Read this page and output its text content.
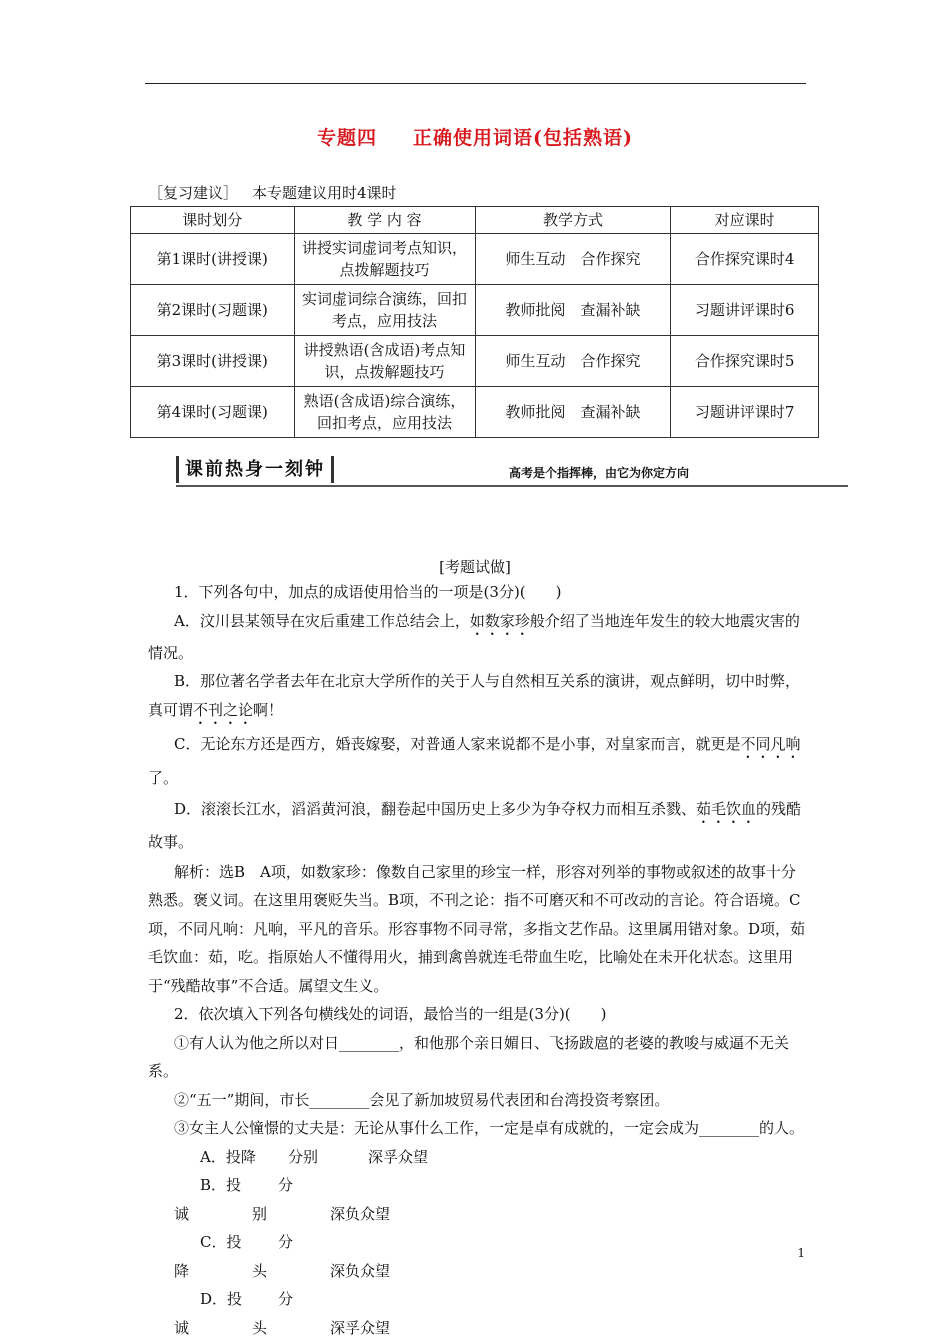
专题四　 正确使用词语(包括熟语)
［复习建议］ 本专题建议用时4课时
课时划分	教 学 内 容	教学方式	对应课时
第1课时(讲授课)	讲授实词虚词考点知识，点拨解题技巧	师生互动　合作探究	合作探究课时4
第2课时(习题课)	实词虚词综合演练，回扣考点，应用技法	教师批阅　查漏补缺	习题讲评课时6
第3课时(讲授课)	讲授熟语(含成语)考点知识，点拨解题技巧	师生互动　合作探究	合作探究课时5
第4课时(习题课)	熟语(含成语)综合演练，回扣考点，应用技法	教师批阅　查漏补缺	习题讲评课时7
课前热身一刻钟	高考是个指挥棒，由它为你定方向
[考题试做]

1．下列各句中，加点的成语使用恰当的一项是(3分)(　　)

A．汶川县某领导在灾后重建工作总结会上，如数家珍般介绍了当地连年发生的较大地震灾害的情况。

B．那位著名学者去年在北京大学所作的关于人与自然相互关系的演讲，观点鲜明，切中时弊，真可谓不刊之论啊！

C．无论东方还是西方，婚丧嫁娶，对普通人家来说都不是小事，对皇家而言，就更是不同凡响了。

D．滚滚长江水，滔滔黄河浪，翻卷起中国历史上多少为争夺权力而相互杀戮、茹毛饮血的残酷故事。

解析：选B　A项，如数家珍：像数自己家里的珍宝一样，形容对列举的事物或叙述的故事十分熟悉。褒义词。在这里用褒贬失当。B项，不刊之论：指不可磨灭和不可改动的言论。符合语境。C项，不同凡响：凡响，平凡的音乐。形容事物不同寻常，多指文艺作品。这里属用错对象。D项，茹毛饮血：茹，吃。指原始人不懂得用火，捕到禽兽就连毛带血生吃，比喻处在未开化状态。这里用于“残酷故事”不合适。属望文生义。

2．依次填入下列各句横线处的词语，最恰当的一组是(3分)(　　)

①有人认为他之所以对日________，和他那个亲日媚日、飞扬跋扈的老婆的教唆与威逼不无关系。

②“五一”期间，市长________会见了新加坡贸易代表团和台湾投资考察团。

③女主人公憧憬的丈夫是：无论从事什么工作，一定是卓有成就的，一定会成为________的人。

A．投降 分别	深孚众望

B．投诚分别	深负众望

C．投降分头	深负众望

D．投诚分头	深孚众望

1
